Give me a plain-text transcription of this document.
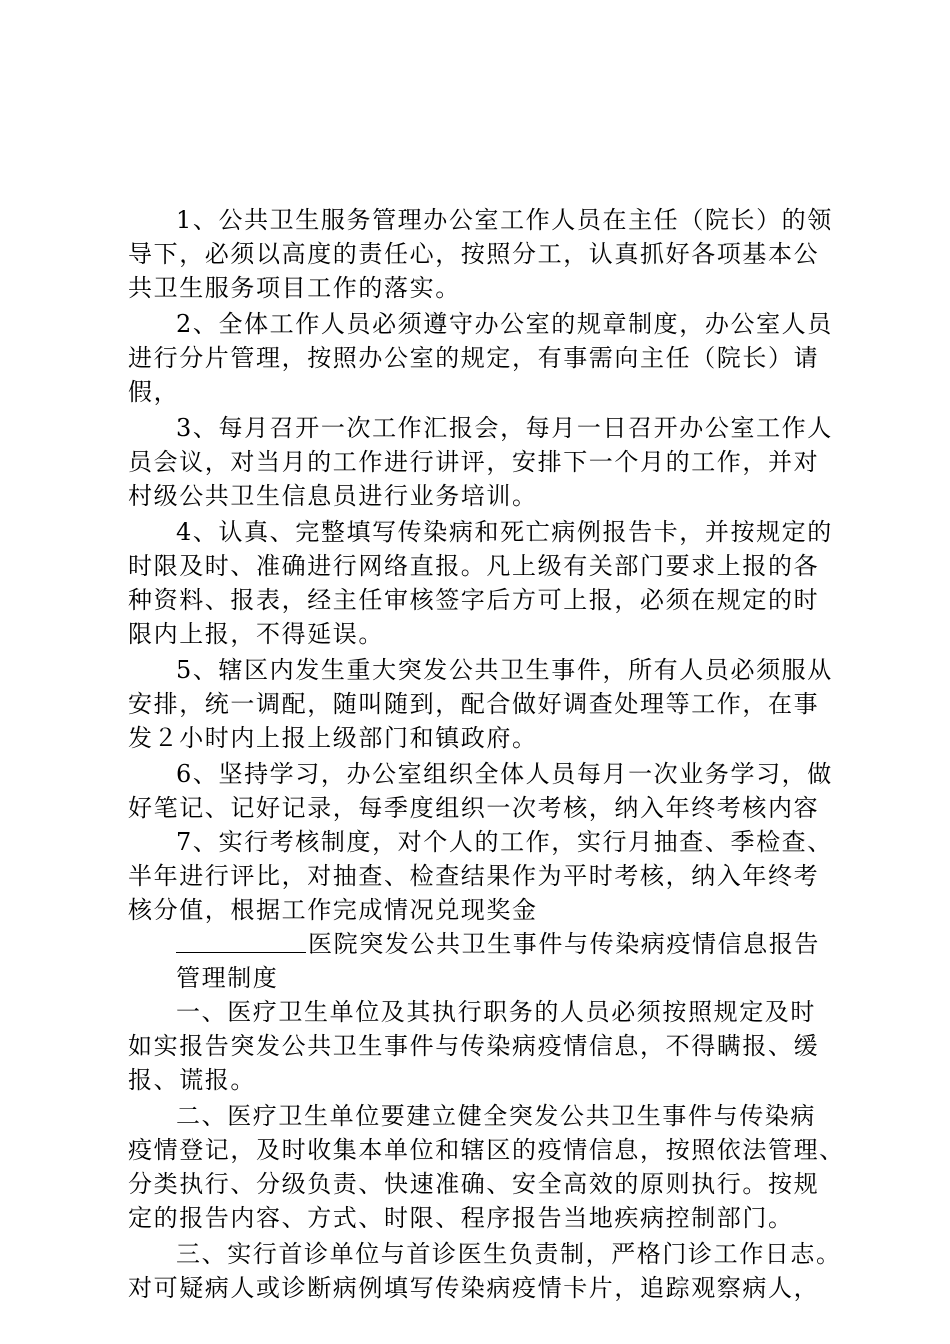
1、公共卫生服务管理办公室工作人员在主任（院长）的领
导下，必须以高度的责任心，按照分工，认真抓好各项基本公
共卫生服务项目工作的落实。
2、全体工作人员必须遵守办公室的规章制度，办公室人员
进行分片管理，按照办公室的规定，有事需向主任（院长）请
假，
3、每月召开一次工作汇报会，每月一日召开办公室工作人
员会议，对当月的工作进行讲评，安排下一个月的工作，并对
村级公共卫生信息员进行业务培训。
4、认真、完整填写传染病和死亡病例报告卡，并按规定的
时限及时、准确进行网络直报。凡上级有关部门要求上报的各
种资料、报表，经主任审核签字后方可上报，必须在规定的时
限内上报，不得延误。
5、辖区内发生重大突发公共卫生事件，所有人员必须服从
安排，统一调配，随叫随到，配合做好调查处理等工作，在事
发２小时内上报上级部门和镇政府。
6、坚持学习，办公室组织全体人员每月一次业务学习，做
好笔记、记好记录，每季度组织一次考核，纳入年终考核内容
7、实行考核制度，对个人的工作，实行月抽查、季检查、
半年进行评比，对抽查、检查结果作为平时考核，纳入年终考
核分值，根据工作完成情况兑现奖金
医院突发公共卫生事件与传染病疫情信息报告
管理制度
一、医疗卫生单位及其执行职务的人员必须按照规定及时
如实报告突发公共卫生事件与传染病疫情信息，不得瞒报、缓
报、谎报。
二、医疗卫生单位要建立健全突发公共卫生事件与传染病
疫情登记，及时收集本单位和辖区的疫情信息，按照依法管理、
分类执行、分级负责、快速准确、安全高效的原则执行。按规
定的报告内容、方式、时限、程序报告当地疾病控制部门。
三、实行首诊单位与首诊医生负责制，严格门诊工作日志。
对可疑病人或诊断病例填写传染病疫情卡片，追踪观察病人，
